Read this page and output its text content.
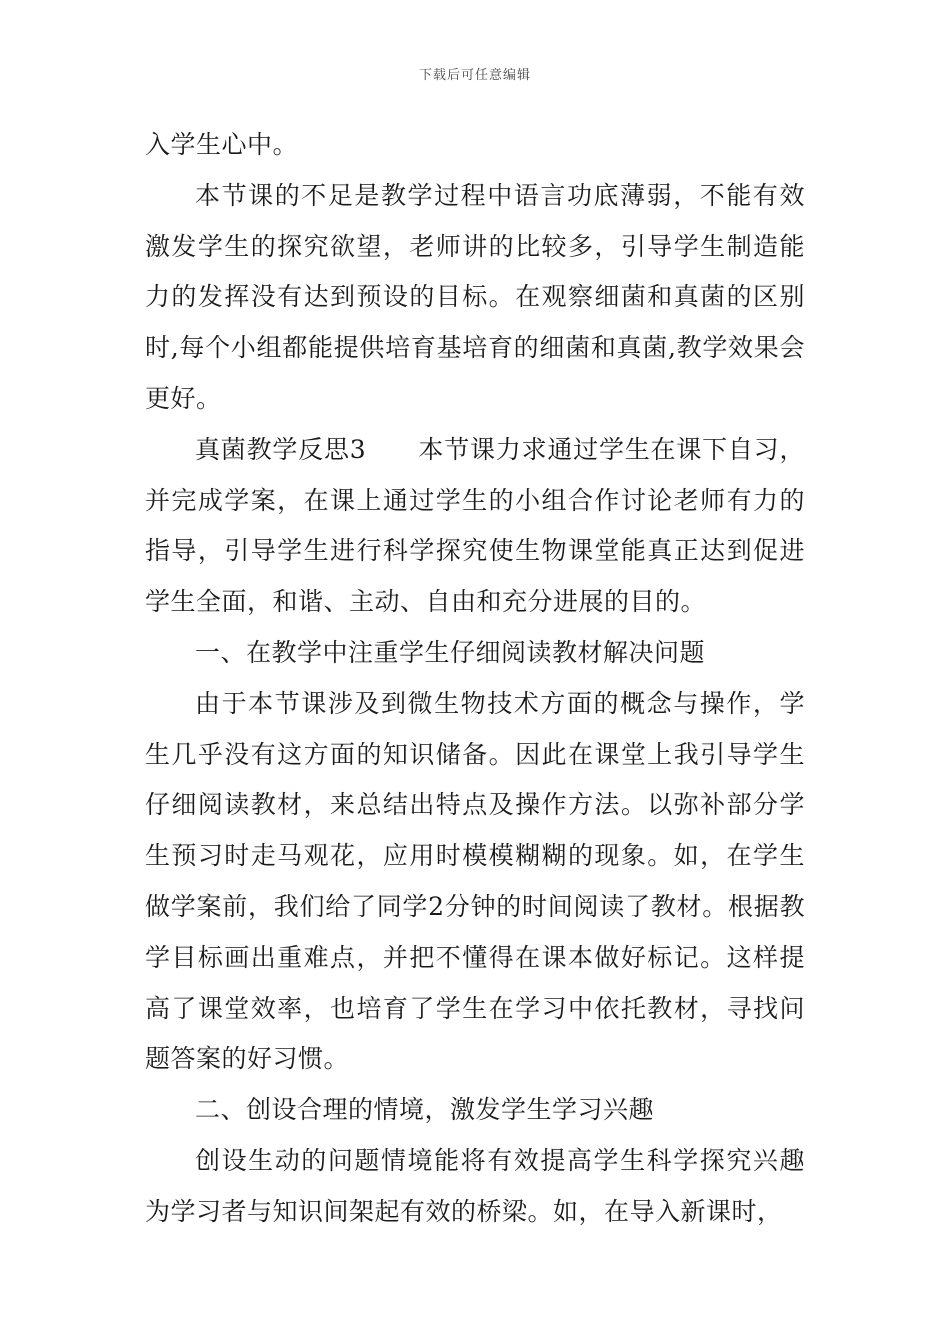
下载后可任意编辑

入学生心中。

本节课的不足是教学过程中语言功底薄弱，不能有效激发学生的探究欲望，老师讲的比较多，引导学生制造能力的发挥没有达到预设的目标。在观察细菌和真菌的区别时,每个小组都能提供培育基培育的细菌和真菌,教学效果会更好。

真菌教学反思3 本节课力求通过学生在课下自习，并完成学案，在课上通过学生的小组合作讨论老师有力的指导，引导学生进行科学探究使生物课堂能真正达到促进学生全面，和谐、主动、自由和充分进展的目的。

一、在教学中注重学生仔细阅读教材解决问题

由于本节课涉及到微生物技术方面的概念与操作，学生几乎没有这方面的知识储备。因此在课堂上我引导学生仔细阅读教材，来总结出特点及操作方法。以弥补部分学生预习时走马观花，应用时模模糊糊的现象。如，在学生做学案前，我们给了同学2分钟的时间阅读了教材。根据教学目标画出重难点，并把不懂得在课本做好标记。这样提高了课堂效率，也培育了学生在学习中依托教材，寻找问题答案的好习惯。

二、创设合理的情境，激发学生学习兴趣

创设生动的问题情境能将有效提高学生科学探究兴趣为学习者与知识间架起有效的桥梁。如，在导入新课时，
